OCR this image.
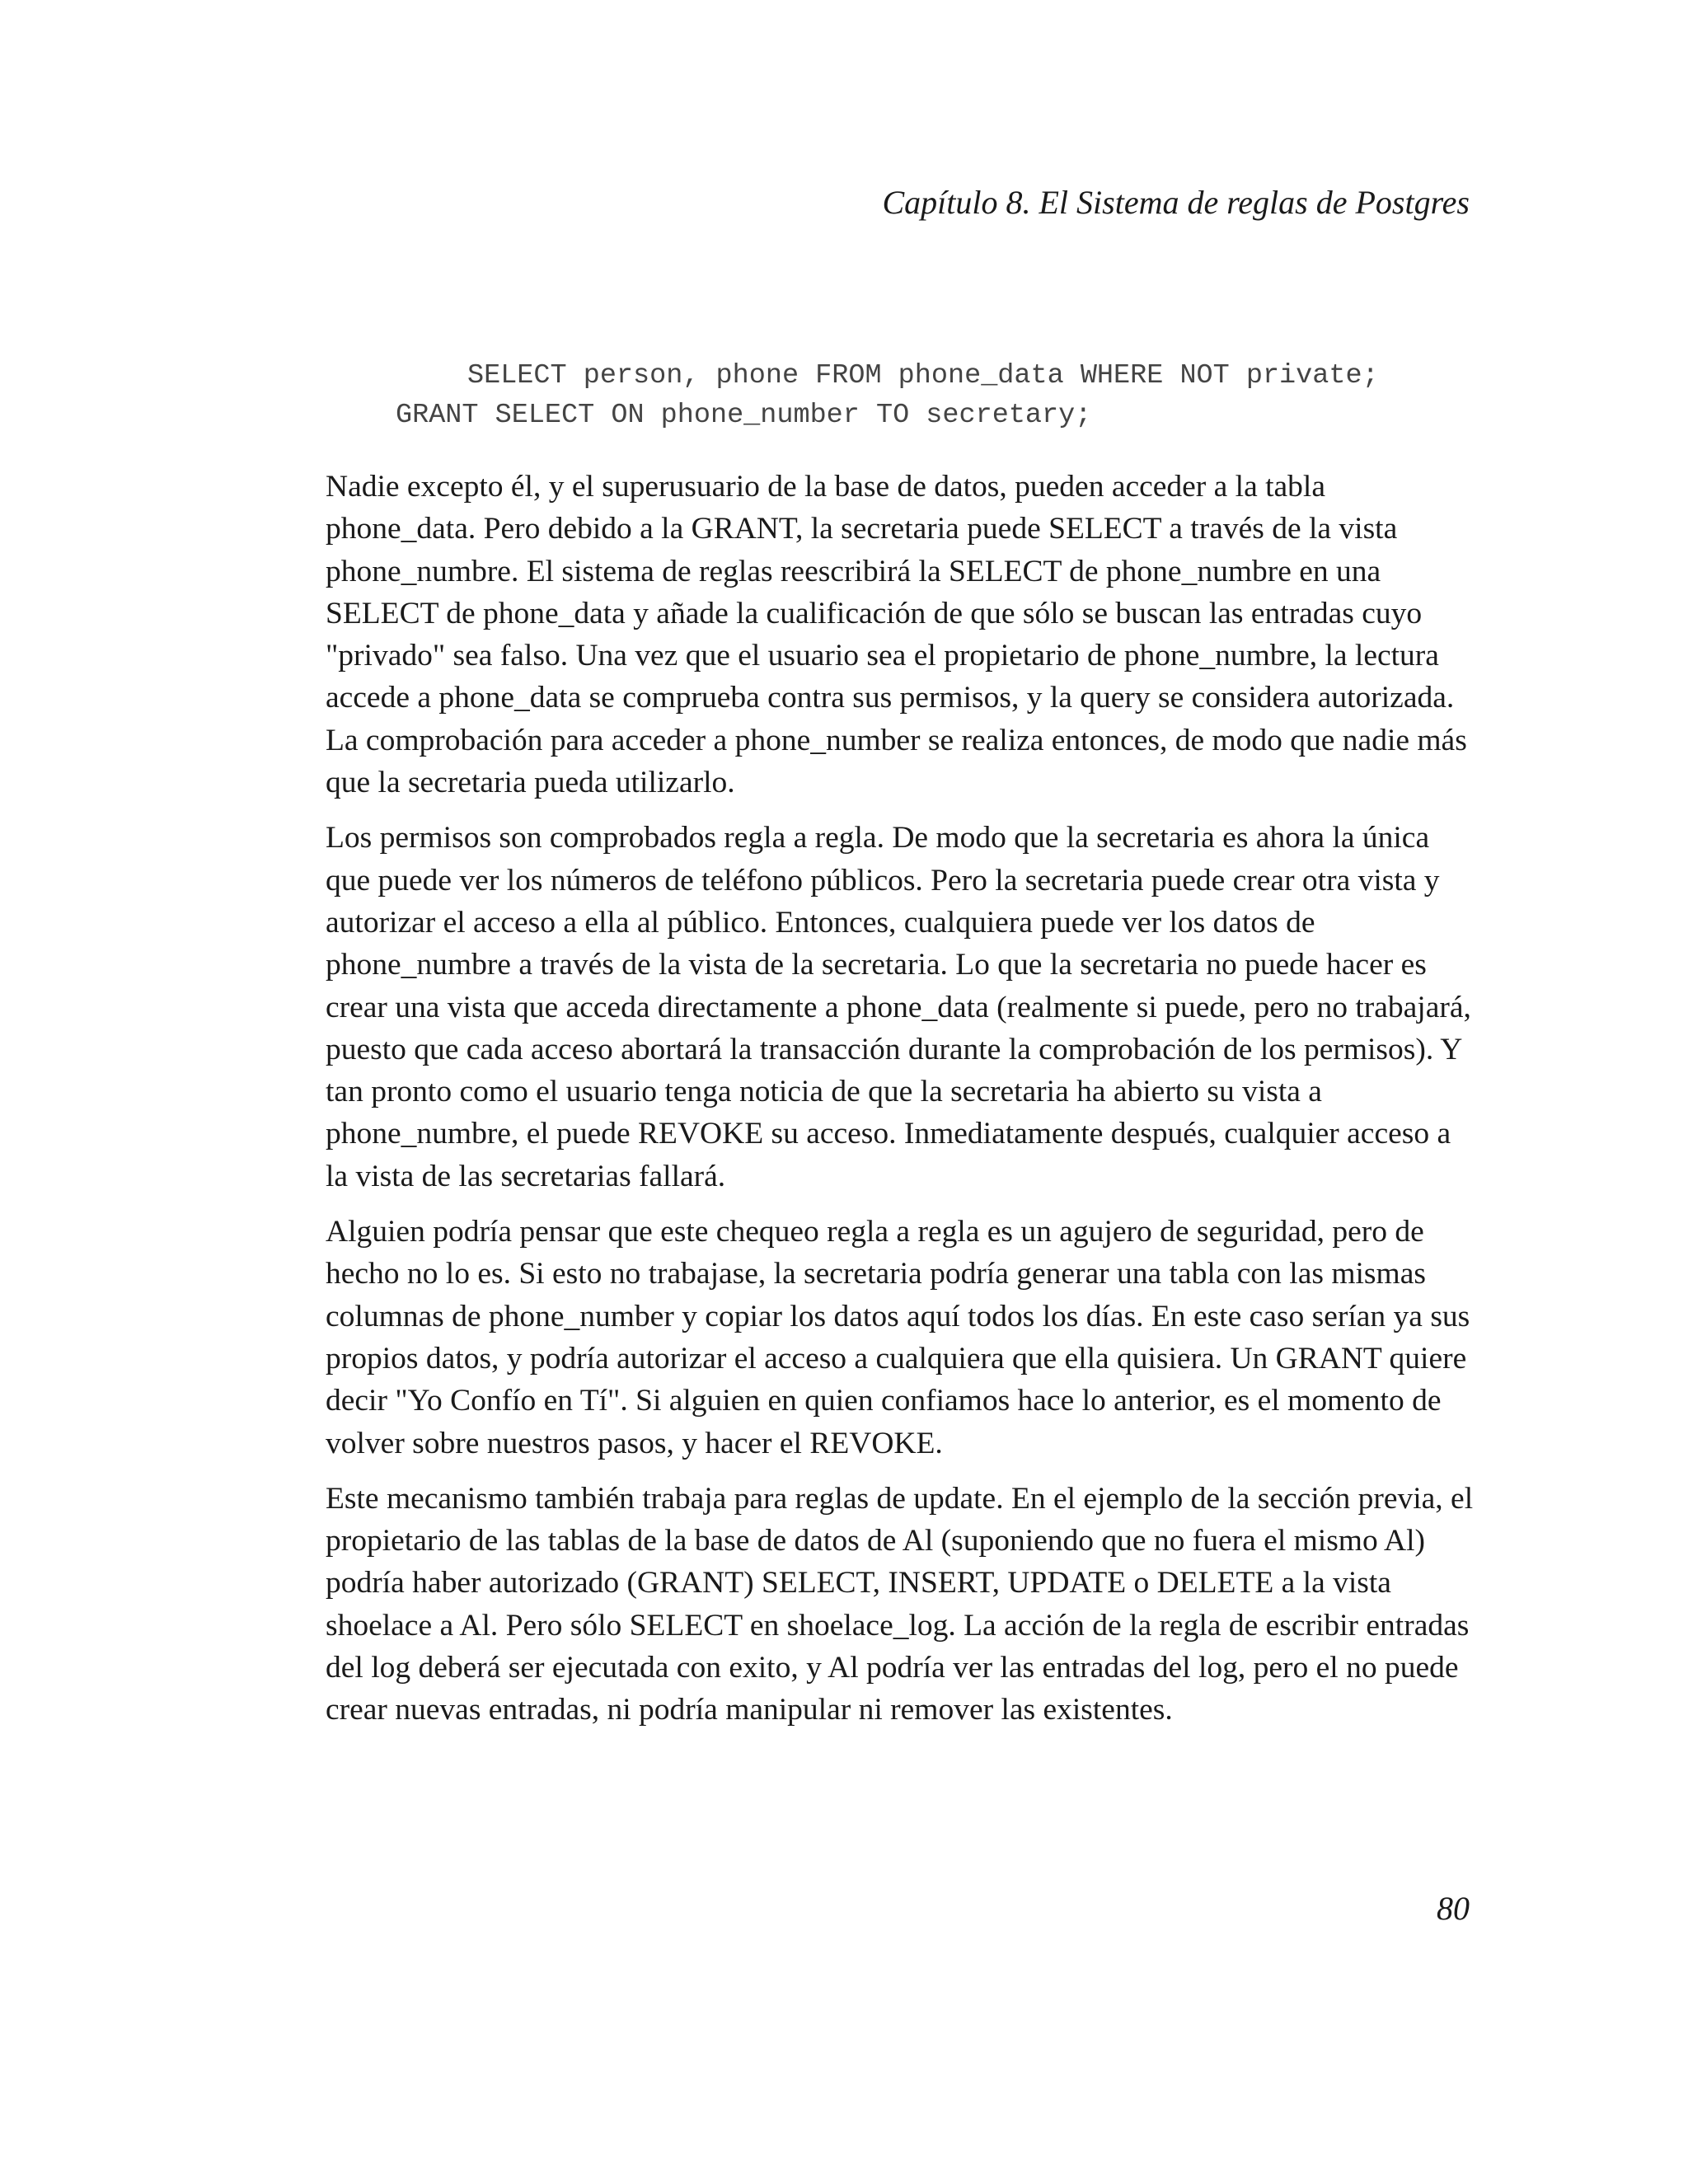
Capítulo 8. El Sistema de reglas de Postgres

SELECT person, phone FROM phone_data WHERE NOT private;
GRANT SELECT ON phone_number TO secretary;

Nadie excepto él, y el superusuario de la base de datos, pueden acceder a la tabla phone_data. Pero debido a la GRANT, la secretaria puede SELECT a través de la vista phone_numbre. El sistema de reglas reescribirá la SELECT de phone_numbre en una SELECT de phone_data y añade la cualificación de que sólo se buscan las entradas cuyo "privado" sea falso. Una vez que el usuario sea el propietario de phone_numbre, la lectura accede a phone_data se comprueba contra sus permisos, y la query se considera autorizada. La comprobación para acceder a phone_number se realiza entonces, de modo que nadie más que la secretaria pueda utilizarlo.

Los permisos son comprobados regla a regla. De modo que la secretaria es ahora la única que puede ver los números de teléfono públicos. Pero la secretaria puede crear otra vista y autorizar el acceso a ella al público. Entonces, cualquiera puede ver los datos de phone_numbre a través de la vista de la secretaria. Lo que la secretaria no puede hacer es crear una vista que acceda directamente a phone_data (realmente si puede, pero no trabajará, puesto que cada acceso abortará la transacción durante la comprobación de los permisos). Y tan pronto como el usuario tenga noticia de que la secretaria ha abierto su vista a phone_numbre, el puede REVOKE su acceso. Inmediatamente después, cualquier acceso a la vista de las secretarias fallará.

Alguien podría pensar que este chequeo regla a regla es un agujero de seguridad, pero de hecho no lo es. Si esto no trabajase, la secretaria podría generar una tabla con las mismas columnas de phone_number y copiar los datos aquí todos los días. En este caso serían ya sus propios datos, y podría autorizar el acceso a cualquiera que ella quisiera. Un GRANT quiere decir "Yo Confío en Tí". Si alguien en quien confiamos hace lo anterior, es el momento de volver sobre nuestros pasos, y hacer el REVOKE.

Este mecanismo también trabaja para reglas de update. En el ejemplo de la sección previa, el propietario de las tablas de la base de datos de Al (suponiendo que no fuera el mismo Al) podría haber autorizado (GRANT) SELECT, INSERT, UPDATE o DELETE a la vista shoelace a Al. Pero sólo SELECT en shoelace_log. La acción de la regla de escribir entradas del log deberá ser ejecutada con exito, y Al podría ver las entradas del log, pero el no puede crear nuevas entradas, ni podría manipular ni remover las existentes.

80
